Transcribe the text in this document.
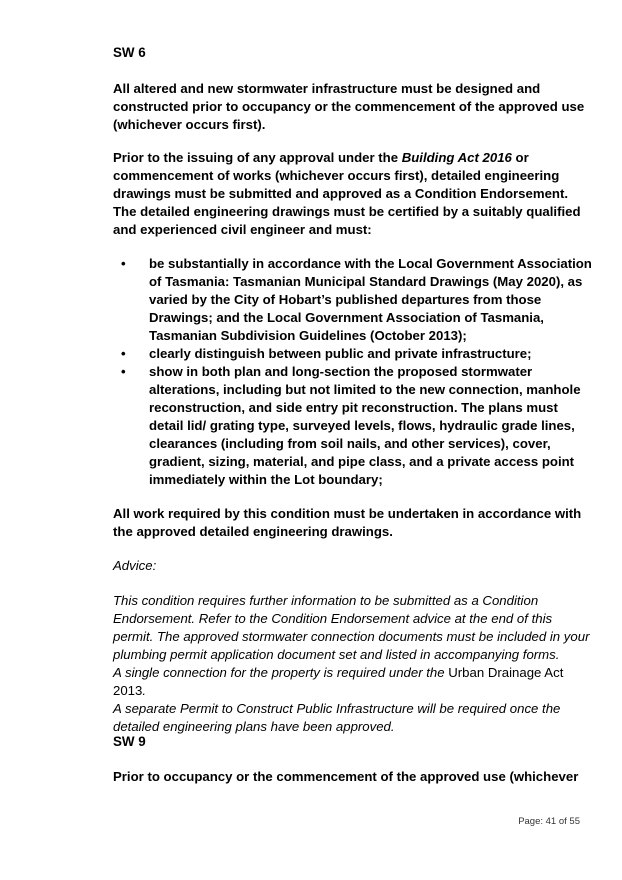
SW 6
All altered and new stormwater infrastructure must be designed and constructed prior to occupancy or the commencement of the approved use (whichever occurs first).
Prior to the issuing of any approval under the Building Act 2016 or commencement of works (whichever occurs first), detailed engineering drawings must be submitted and approved as a Condition Endorsement. The detailed engineering drawings must be certified by a suitably qualified and experienced civil engineer and must:
• be substantially in accordance with the Local Government Association of Tasmania: Tasmanian Municipal Standard Drawings (May 2020), as varied by the City of Hobart’s published departures from those Drawings; and the Local Government Association of Tasmania, Tasmanian Subdivision Guidelines (October 2013);
• clearly distinguish between public and private infrastructure;
• show in both plan and long-section the proposed stormwater alterations, including but not limited to the new connection, manhole reconstruction, and side entry pit reconstruction. The plans must detail lid/ grating type, surveyed levels, flows, hydraulic grade lines, clearances (including from soil nails, and other services), cover, gradient, sizing, material, and pipe class, and a private access point immediately within the Lot boundary;
All work required by this condition must be undertaken in accordance with the approved detailed engineering drawings.
Advice:
This condition requires further information to be submitted as a Condition Endorsement. Refer to the Condition Endorsement advice at the end of this permit. The approved stormwater connection documents must be included in your plumbing permit application document set and listed in accompanying forms.
A single connection for the property is required under the Urban Drainage Act 2013.
A separate Permit to Construct Public Infrastructure will be required once the detailed engineering plans have been approved.
SW 9
Prior to occupancy or the commencement of the approved use (whichever
Page: 41 of 55
